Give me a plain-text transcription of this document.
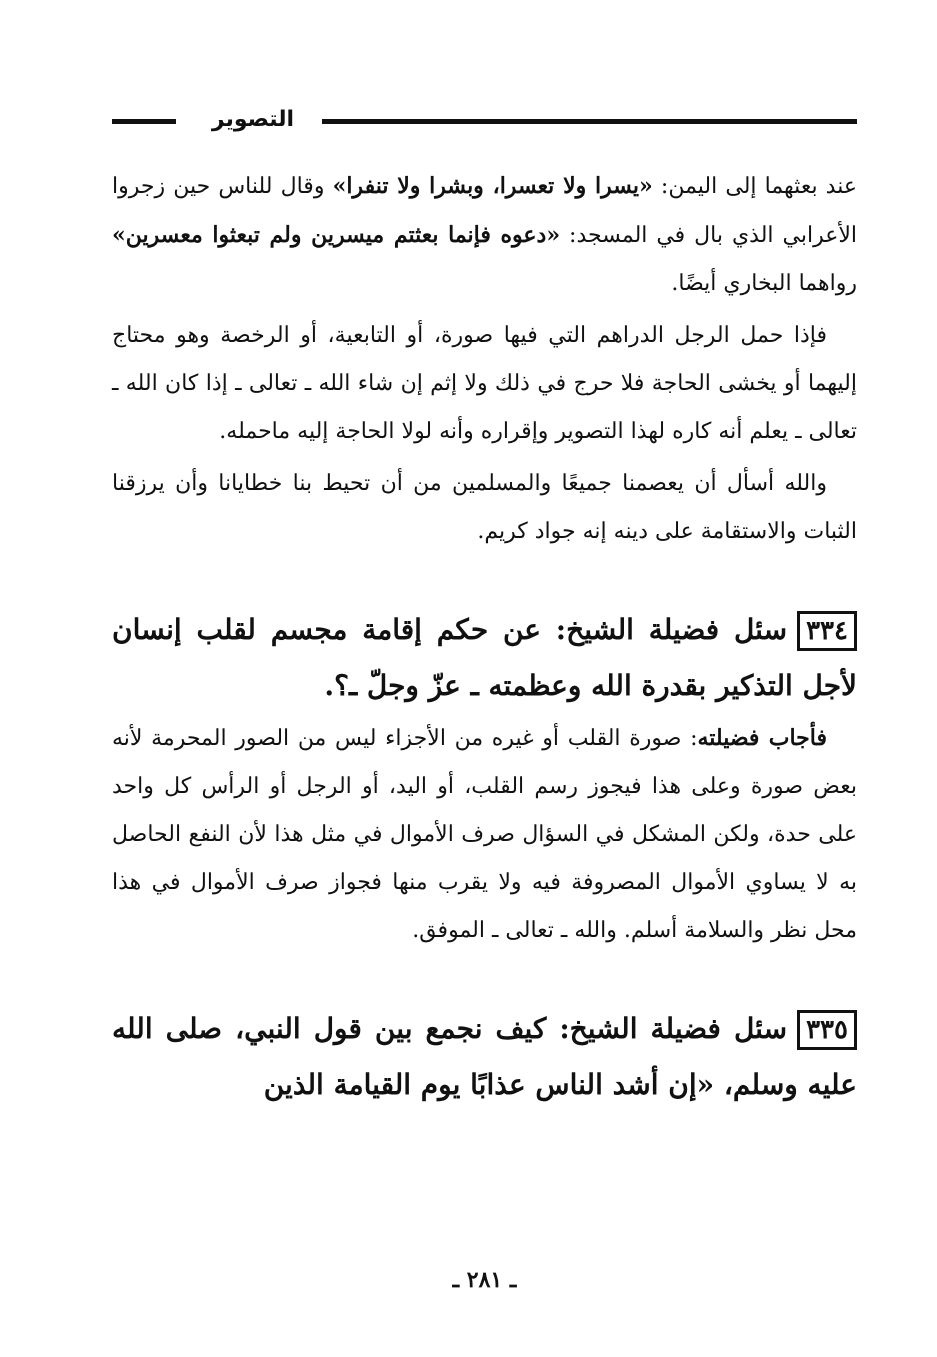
التصوير

عند بعثهما إلى اليمن: «يسرا ولا تعسرا، وبشرا ولا تنفرا» وقال للناس حين زجروا الأعرابي الذي بال في المسجد: «دعوه فإنما بعثتم ميسرين ولم تبعثوا معسرين» رواهما البخاري أيضًا.

فإذا حمل الرجل الدراهم التي فيها صورة، أو التابعية، أو الرخصة وهو محتاج إليهما أو يخشى الحاجة فلا حرج في ذلك ولا إثم إن شاء الله ـ تعالى ـ إذا كان الله ـ تعالى ـ يعلم أنه كاره لهذا التصوير وإقراره وأنه لولا الحاجة إليه ماحمله.

والله أسأل أن يعصمنا جميعًا والمسلمين من أن تحيط بنا خطايانا وأن يرزقنا الثبات والاستقامة على دينه إنه جواد كريم.

٣٣٤سئل فضيلة الشيخ: عن حكم إقامة مجسم لقلب إنسان لأجل التذكير بقدرة الله وعظمته ـ عزّ وجلّ ـ؟.

فأجاب فضيلته: صورة القلب أو غيره من الأجزاء ليس من الصور المحرمة لأنه بعض صورة وعلى هذا فيجوز رسم القلب، أو اليد، أو الرجل أو الرأس كل واحد على حدة، ولكن المشكل في السؤال صرف الأموال في مثل هذا لأن النفع الحاصل به لا يساوي الأموال المصروفة فيه ولا يقرب منها فجواز صرف الأموال في هذا محل نظر والسلامة أسلم. والله ـ تعالى ـ الموفق.

٣٣٥سئل فضيلة الشيخ: كيف نجمع بين قول النبي، صلى الله عليه وسلم، «إن أشد الناس عذابًا يوم القيامة الذين

ـ ٢٨١ ـ
